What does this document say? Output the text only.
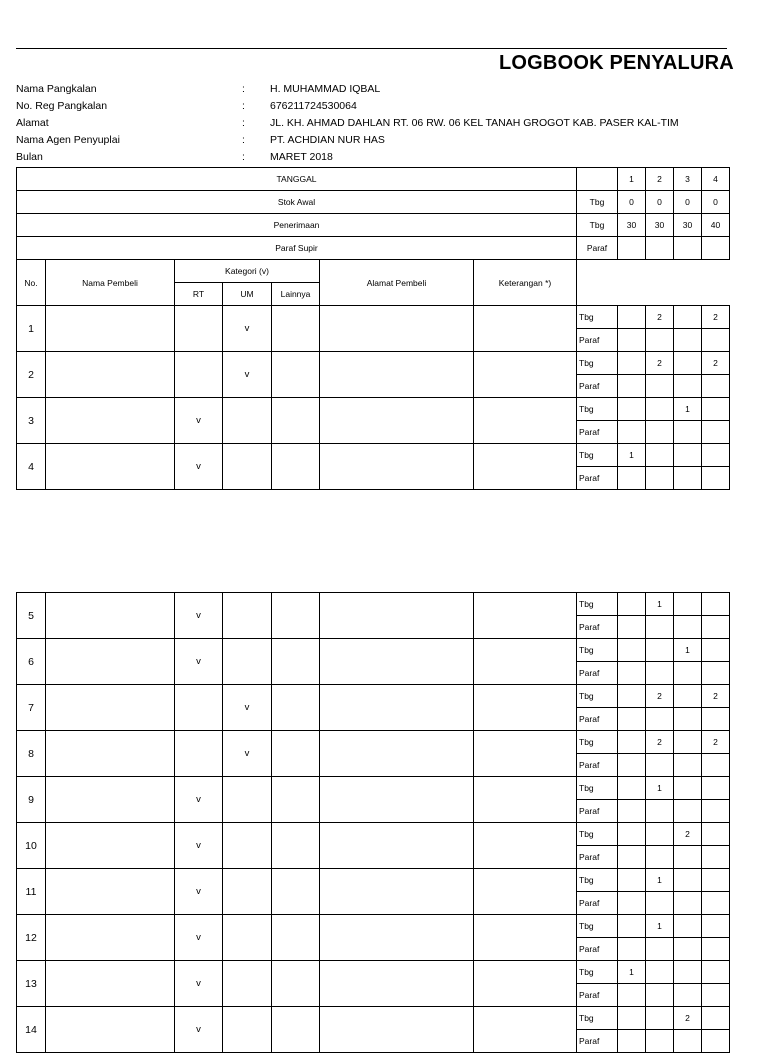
LOGBOOK PENYALURA
Nama Pangkalan	: H. MUHAMMAD IQBAL
No. Reg Pangkalan	: 676211724530064
Alamat	: JL. KH. AHMAD DAHLAN RT. 06 RW. 06 KEL TANAH GROGOT KAB. PASER KAL-TIM
Nama Agen Penyuplai	: PT. ACHDIAN NUR HAS
Bulan	: MARET 2018
TANGGAL								1	2	3	4
Stok Awal							Tbg	0	0	0	0
Penerimaan							Tbg	30	30	30	40
Paraf Supir							Paraf				
No.	Nama Pembeli	Kategori (v)			Alamat Pembeli	Keterangan *)					
		RT	UM	Lainnya							
1			v				Tbg		2		2
							Paraf				
2			v				Tbg		2		2
							Paraf				
3		v					Tbg			1	
							Paraf				
4		v					Tbg	1			
							Paraf				
5		v					Tbg		1		
							Paraf				
6		v					Tbg			1	
							Paraf				
7			v				Tbg		2		2
							Paraf				
8			v				Tbg		2		2
							Paraf				
9		v					Tbg		1		
							Paraf				
10		v					Tbg			2	
							Paraf				
11		v					Tbg		1		
							Paraf				
12		v					Tbg		1		
							Paraf				
13		v					Tbg	1			
							Paraf				
14		v					Tbg			2	
							Paraf				
